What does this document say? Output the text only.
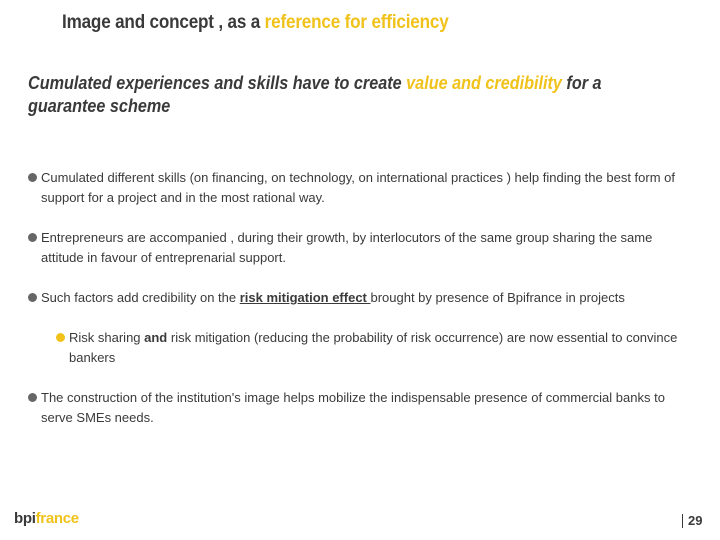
Image and concept , as a reference for efficiency
Cumulated experiences and skills have to create value and credibility for a guarantee scheme
Cumulated different skills (on financing, on technology, on international practices ) help finding the best form of support for a project and in the most rational way.
Entrepreneurs are accompanied , during their growth, by interlocutors of the same group sharing the same attitude in favour of entreprenarial support.
Such factors add credibility on the risk mitigation effect brought by presence of Bpifrance in projects
Risk sharing and risk mitigation (reducing the probability of risk occurrence) are now essential to convince bankers
The construction of the institution's image helps mobilize the indispensable presence of commercial banks to serve SMEs needs.
bpifrance	29
